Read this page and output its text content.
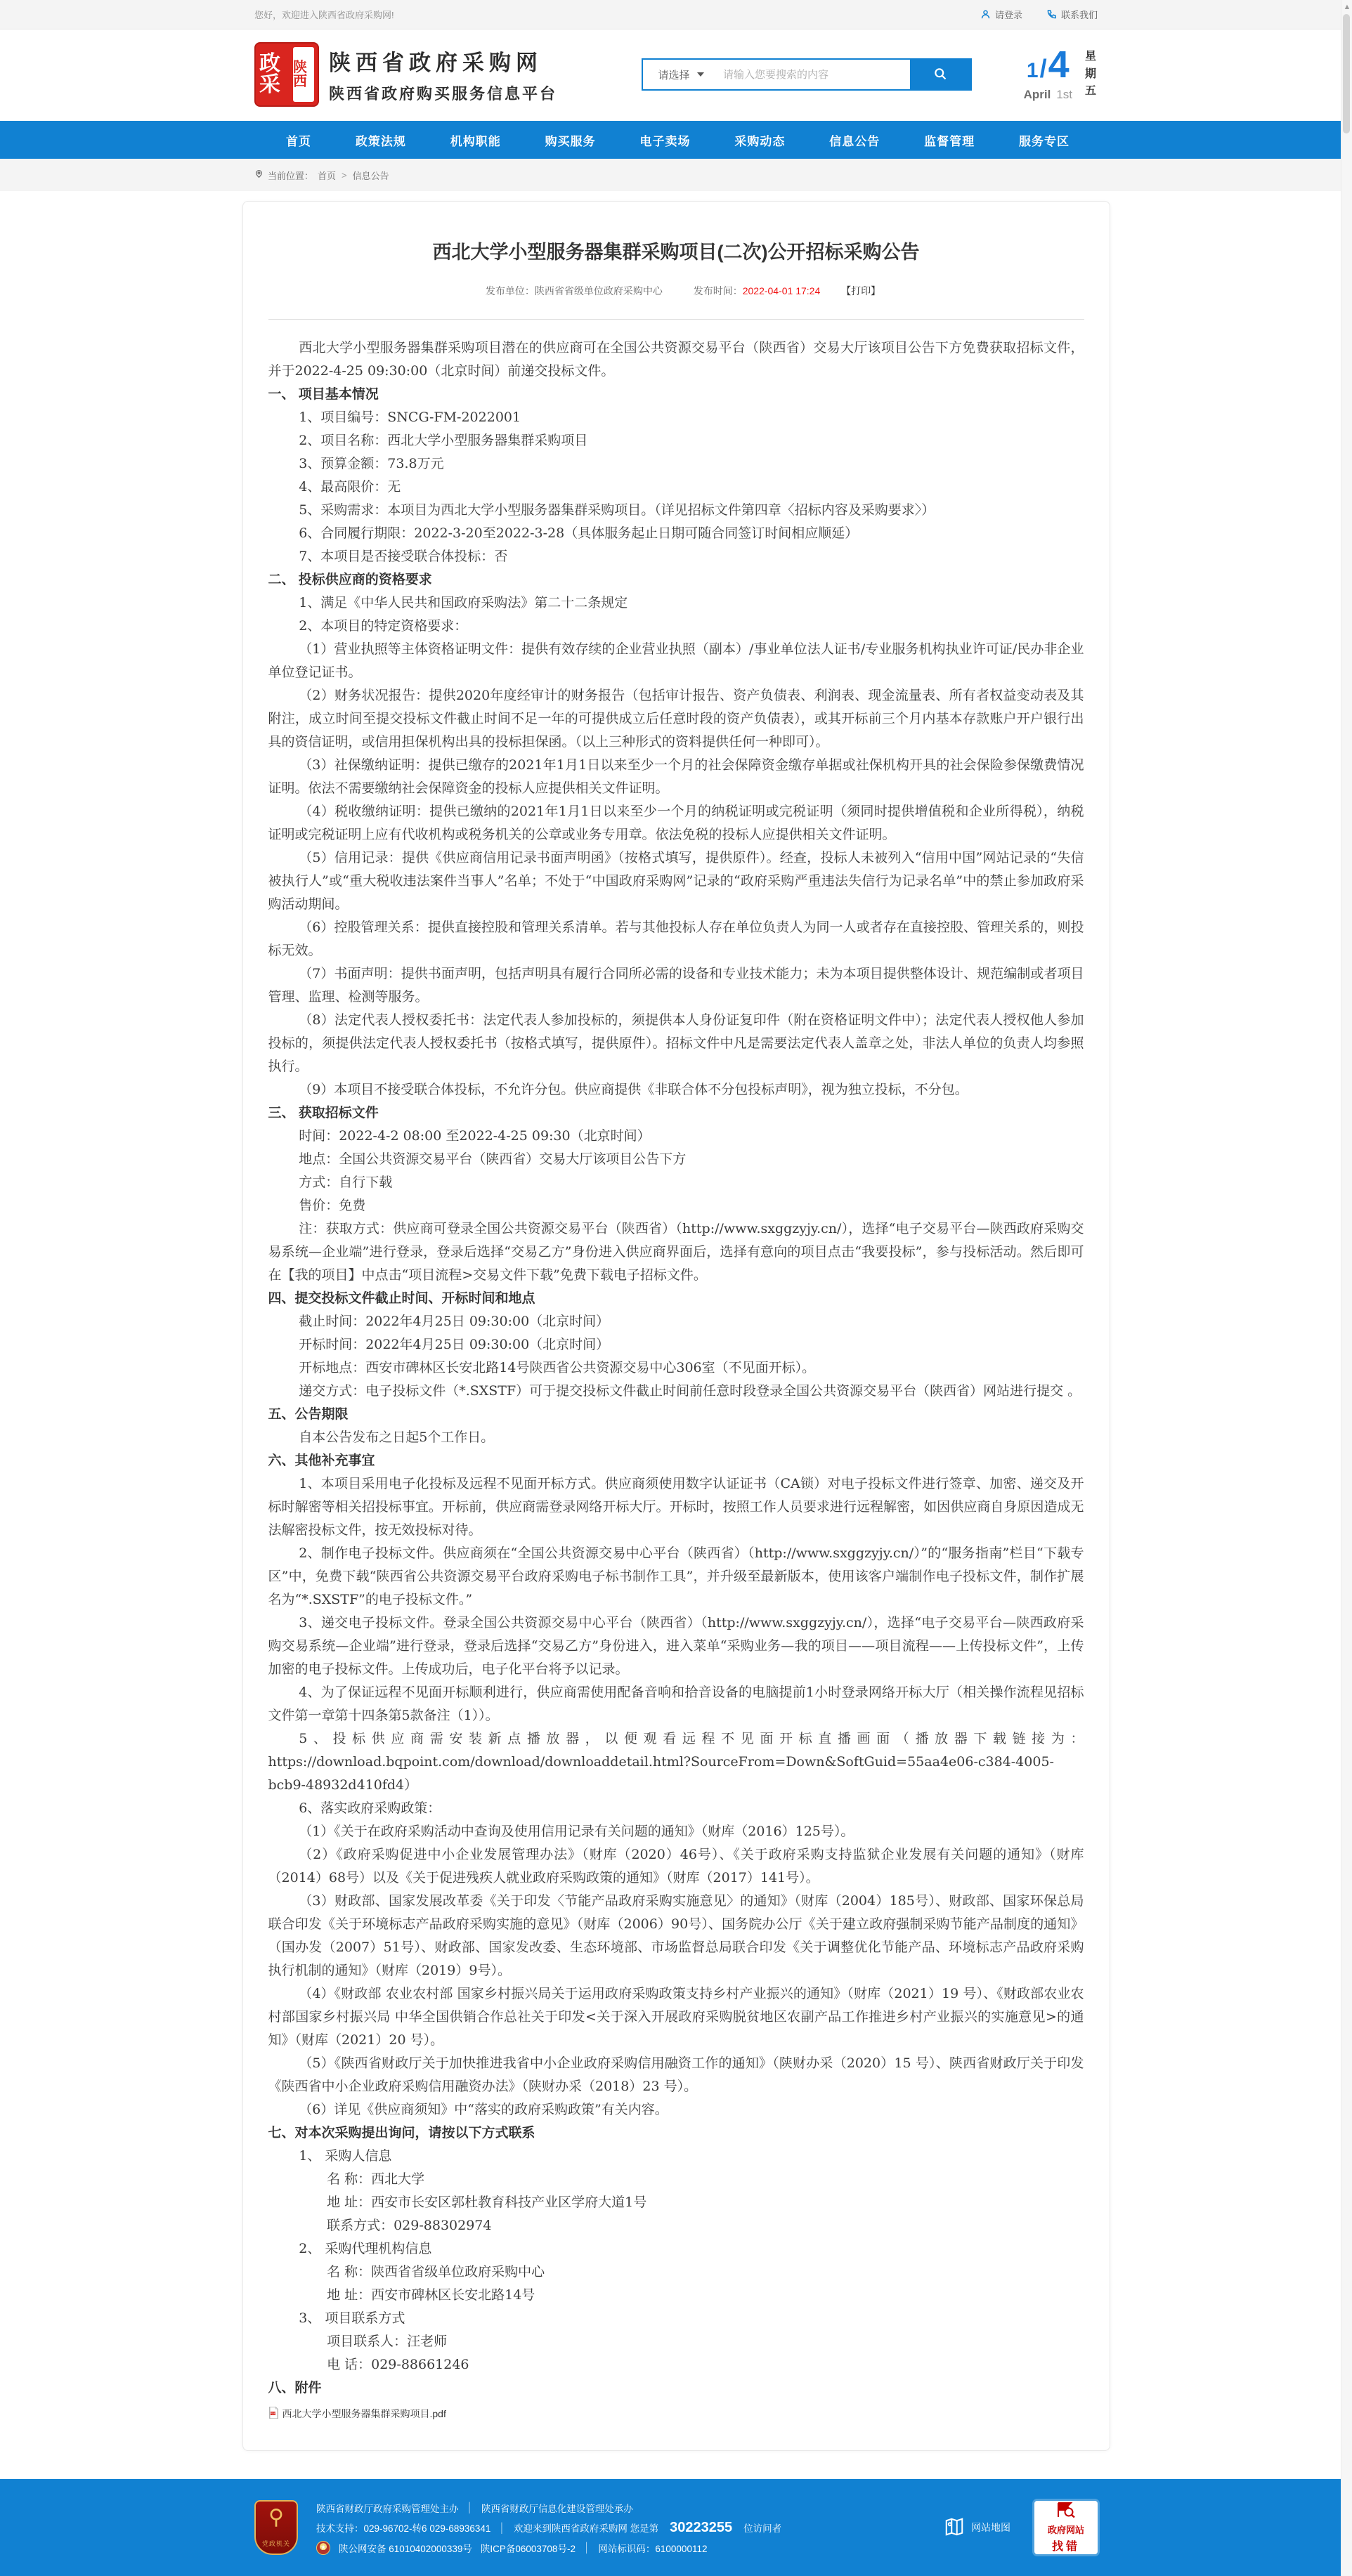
您好，欢迎进入陕西省政府采购网!	请登录	联系我们
政采
陕西
陕西省政府采购网
陕西省政府购买服务信息平台
请选择
请输入您要搜索的内容	1 / 4
April 1st
星期五
首页	政策法规	机构职能	购买服务	电子卖场	采购动态	信息公告	监督管理	服务专区
当前位置： 首页 > 信息公告
西北大学小型服务器集群采购项目(二次)公开招标采购公告
发布单位：陕西省省级单位政府采购中心	发布时间：2022-04-01 17:24 【打印】
西北大学小型服务器集群采购项目潜在的供应商可在全国公共资源交易平台（陕西省）交易大厅该项目公告下方免费获取招标文件，并于2022-4-25 09:30:00（北京时间）前递交投标文件。
一、 项目基本情况
1、项目编号：SNCG-FM-2022001
2、项目名称：西北大学小型服务器集群采购项目
3、预算金额：73.8万元
4、最高限价：无
5、采购需求：本项目为西北大学小型服务器集群采购项目。（详见招标文件第四章〈招标内容及采购要求〉）
6、合同履行期限：2022-3-20至2022-3-28（具体服务起止日期可随合同签订时间相应顺延）
7、本项目是否接受联合体投标：否
二、 投标供应商的资格要求
1、满足《中华人民共和国政府采购法》第二十二条规定
2、本项目的特定资格要求：
（1）营业执照等主体资格证明文件：提供有效存续的企业营业执照（副本）/事业单位法人证书/专业服务机构执业许可证/民办非企业单位登记证书。
（2）财务状况报告：提供2020年度经审计的财务报告（包括审计报告、资产负债表、利润表、现金流量表、所有者权益变动表及其附注，成立时间至提交投标文件截止时间不足一年的可提供成立后任意时段的资产负债表），或其开标前三个月内基本存款账户开户银行出具的资信证明，或信用担保机构出具的投标担保函。（以上三种形式的资料提供任何一种即可）。
（3）社保缴纳证明：提供已缴存的2021年1月1日以来至少一个月的社会保障资金缴存单据或社保机构开具的社会保险参保缴费情况证明。依法不需要缴纳社会保障资金的投标人应提供相关文件证明。
（4）税收缴纳证明：提供已缴纳的2021年1月1日以来至少一个月的纳税证明或完税证明（须同时提供增值税和企业所得税），纳税证明或完税证明上应有代收机构或税务机关的公章或业务专用章。依法免税的投标人应提供相关文件证明。
（5）信用记录：提供《供应商信用记录书面声明函》（按格式填写，提供原件）。经查，投标人未被列入“信用中国”网站记录的“失信被执行人”或“重大税收违法案件当事人”名单；不处于“中国政府采购网”记录的“政府采购严重违法失信行为记录名单”中的禁止参加政府采购活动期间。
（6）控股管理关系：提供直接控股和管理关系清单。若与其他投标人存在单位负责人为同一人或者存在直接控股、管理关系的，则投标无效。
（7）书面声明：提供书面声明，包括声明具有履行合同所必需的设备和专业技术能力；未为本项目提供整体设计、规范编制或者项目管理、监理、检测等服务。
（8）法定代表人授权委托书：法定代表人参加投标的，须提供本人身份证复印件（附在资格证明文件中）；法定代表人授权他人参加投标的，须提供法定代表人授权委托书（按格式填写，提供原件）。招标文件中凡是需要法定代表人盖章之处，非法人单位的负责人均参照执行。
（9）本项目不接受联合体投标，不允许分包。供应商提供《非联合体不分包投标声明》，视为独立投标，不分包。
三、 获取招标文件
时间：2022-4-2 08:00 至2022-4-25 09:30（北京时间）
地点：全国公共资源交易平台（陕西省）交易大厅该项目公告下方
方式：自行下载
售价：免费
注：获取方式：供应商可登录全国公共资源交易平台（陕西省）（http://www.sxggzyjy.cn/），选择“电子交易平台—陕西政府采购交易系统—企业端”进行登录，登录后选择“交易乙方”身份进入供应商界面后，选择有意向的项目点击“我要投标”，参与投标活动。然后即可在【我的项目】中点击“项目流程>交易文件下载”免费下载电子招标文件。
四、提交投标文件截止时间、开标时间和地点
截止时间：2022年4月25日 09:30:00（北京时间）
开标时间：2022年4月25日 09:30:00（北京时间）
开标地点：西安市碑林区长安北路14号陕西省公共资源交易中心306室（不见面开标）。
递交方式：电子投标文件（*.SXSTF）可于提交投标文件截止时间前任意时段登录全国公共资源交易平台（陕西省）网站进行提交 。
五、公告期限
自本公告发布之日起5个工作日。
六、其他补充事宜
1、本项目采用电子化投标及远程不见面开标方式。供应商须使用数字认证证书（CA锁）对电子投标文件进行签章、加密、递交及开标时解密等相关招投标事宜。开标前，供应商需登录网络开标大厅。开标时，按照工作人员要求进行远程解密，如因供应商自身原因造成无法解密投标文件，按无效投标对待。
2、制作电子投标文件。供应商须在“全国公共资源交易中心平台（陕西省）（http://www.sxggzyjy.cn/）”的“服务指南”栏目“下载专区”中，免费下载“陕西省公共资源交易平台政府采购电子标书制作工具”，并升级至最新版本，使用该客户端制作电子投标文件，制作扩展名为“*.SXSTF”的电子投标文件。”
3、递交电子投标文件。登录全国公共资源交易中心平台（陕西省）（http://www.sxggzyjy.cn/），选择“电子交易平台—陕西政府采购交易系统—企业端”进行登录，登录后选择“交易乙方”身份进入，进入菜单“采购业务—我的项目——项目流程——上传投标文件”，上传加密的电子投标文件。上传成功后，电子化平台将予以记录。
4、为了保证远程不见面开标顺利进行，供应商需使用配备音响和拾音设备的电脑提前1小时登录网络开标大厅（相关操作流程见招标文件第一章第十四条第5款备注（1））。
5、投标供应商需安装新点播放器，以便观看远程不见面开标直播画面（播放器下载链接为：https://download.bqpoint.com/download/downloaddetail.html?SourceFrom=Down&SoftGuid=55aa4e06-c384-4005-bcb9-48932d410fd4）
6、落实政府采购政策：
（1）《关于在政府采购活动中查询及使用信用记录有关问题的通知》（财库（2016）125号）。
（2）《政府采购促进中小企业发展管理办法》（财库（2020）46号）、《关于政府采购支持监狱企业发展有关问题的通知》（财库（2014）68号）以及《关于促进残疾人就业政府采购政策的通知》（财库（2017）141号）。
（3）财政部、国家发展改革委《关于印发〈节能产品政府采购实施意见〉的通知》（财库（2004）185号）、财政部、国家环保总局联合印发《关于环境标志产品政府采购实施的意见》（财库（2006）90号）、国务院办公厅《关于建立政府强制采购节能产品制度的通知》（国办发（2007）51号）、财政部、国家发改委、生态环境部、市场监督总局联合印发《关于调整优化节能产品、环境标志产品政府采购执行机制的通知》（财库（2019）9号）。
（4）《财政部 农业农村部 国家乡村振兴局关于运用政府采购政策支持乡村产业振兴的通知》（财库（2021）19 号）、《财政部农业农村部国家乡村振兴局 中华全国供销合作总社关于印发<关于深入开展政府采购脱贫地区农副产品工作推进乡村产业振兴的实施意见>的通知》（财库（2021）20 号）。
（5）《陕西省财政厅关于加快推进我省中小企业政府采购信用融资工作的通知》（陕财办采（2020）15 号）、陕西省财政厅关于印发《陕西省中小企业政府采购信用融资办法》（陕财办采（2018）23 号）。
（6）详见《供应商须知》中“落实的政府采购政策”有关内容。
七、对本次采购提出询问，请按以下方式联系
1、 采购人信息
名 称：西北大学
地 址：西安市长安区郭杜教育科技产业区学府大道1号
联系方式：029-88302974
2、 采购代理机构信息
名 称：陕西省省级单位政府采购中心
地 址：西安市碑林区长安北路14号
3、 项目联系方式
项目联系人：汪老师
电 话：029-88661246
八、附件
PDF 西北大学小型服务器集群采购项目.pdf
⚲
党政机关
陕西省财政厅政府采购管理处主办 │ 陕西省财政厅信息化建设管理处承办
技术支持：029-96702-转6 029-68936341 │ 欢迎来到陕西省政府采购网 您是第 30223255 位访问者
★	陕公网安备 61010402000339号 陕ICP备06003708号-2 │ 网站标识码：6100000112
网站地图	政府网站
找错
▲
